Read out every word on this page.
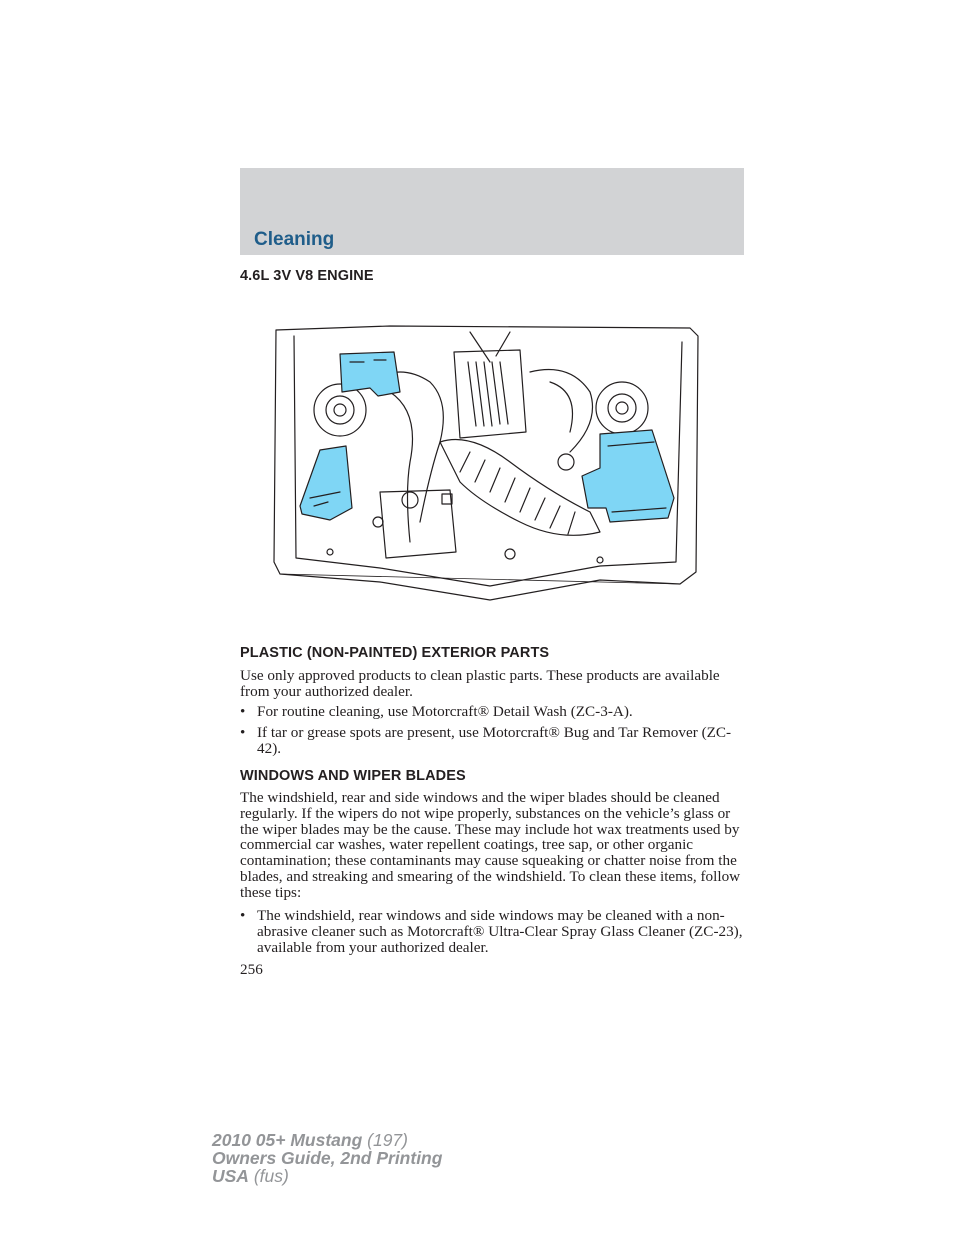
Cleaning
4.6L 3V V8 ENGINE
PLASTIC (NON-PAINTED) EXTERIOR PARTS

Use only approved products to clean plastic parts. These products are available from your authorized dealer.

• For routine cleaning, use Motorcraft® Detail Wash (ZC-3-A).
• If tar or grease spots are present, use Motorcraft® Bug and Tar Remover (ZC-42).
WINDOWS AND WIPER BLADES

The windshield, rear and side windows and the wiper blades should be cleaned regularly. If the wipers do not wipe properly, substances on the vehicle’s glass or the wiper blades may be the cause. These may include hot wax treatments used by commercial car washes, water repellent coatings, tree sap, or other organic contamination; these contaminants may cause squeaking or chatter noise from the blades, and streaking and smearing of the windshield. To clean these items, follow these tips:

• The windshield, rear windows and side windows may be cleaned with a non-abrasive cleaner such as Motorcraft® Ultra-Clear Spray Glass Cleaner (ZC-23), available from your authorized dealer.
256
2010 05+ Mustang (197)
Owners Guide, 2nd Printing
USA (fus)
